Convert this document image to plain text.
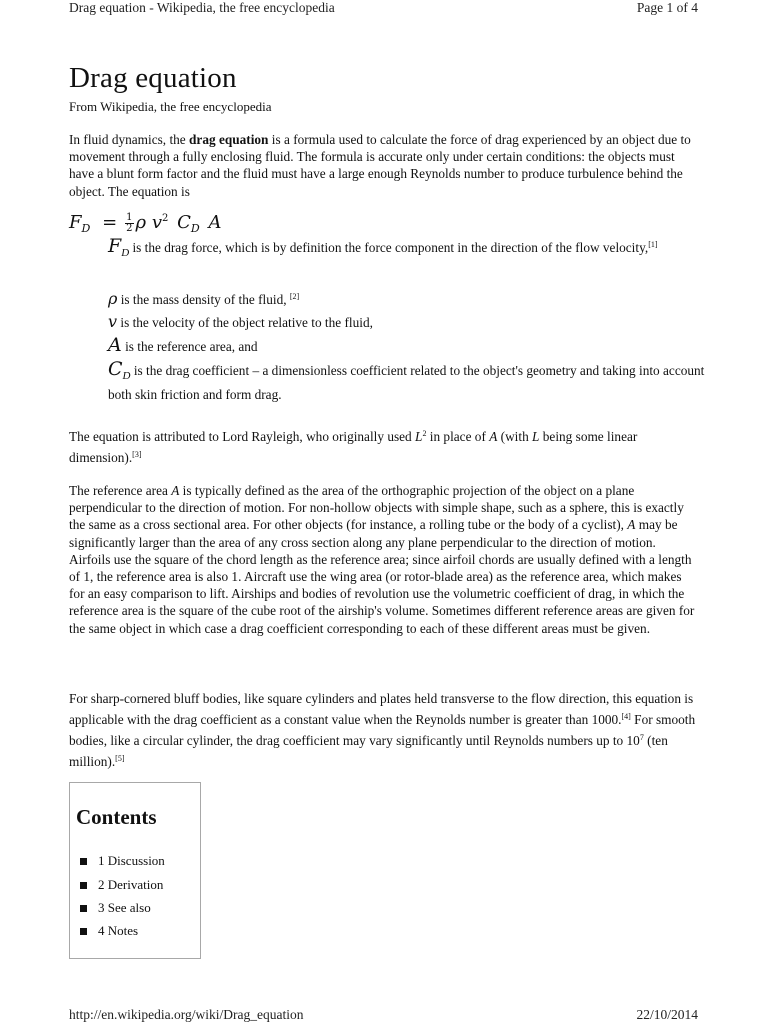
Drag equation - Wikipedia, the free encyclopedia	Page 1 of 4
Drag equation
From Wikipedia, the free encyclopedia

In fluid dynamics, the drag equation is a formula used to calculate the force of drag experienced by an object due to movement through a fully enclosing fluid. The formula is accurate only under certain conditions: the objects must have a blunt form factor and the fluid must have a large enough Reynolds number to produce turbulence behind the object. The equation is

$F_D = \frac{1}{2}$ ρ $v^2$ $C_D$ A
$F_D$ is the drag force, which is by definition the force component in the direction of the flow velocity,[1]
ρ is the mass density of the fluid, [2]
v is the velocity of the object relative to the fluid,
A is the reference area, and
$C_D$ is the drag coefficient – a dimensionless coefficient related to the object's geometry and taking into account both skin friction and form drag.

The equation is attributed to Lord Rayleigh, who originally used $L^2$ in place of A (with L being some linear dimension).[3]

The reference area A is typically defined as the area of the orthographic projection of the object on a plane perpendicular to the direction of motion. For non-hollow objects with simple shape, such as a sphere, this is exactly the same as a cross sectional area. For other objects (for instance, a rolling tube or the body of a cyclist), A may be significantly larger than the area of any cross section along any plane perpendicular to the direction of motion. Airfoils use the square of the chord length as the reference area; since airfoil chords are usually defined with a length of 1, the reference area is also 1. Aircraft use the wing area (or rotor-blade area) as the reference area, which makes for an easy comparison to lift. Airships and bodies of revolution use the volumetric coefficient of drag, in which the reference area is the square of the cube root of the airship's volume. Sometimes different reference areas are given for the same object in which case a drag coefficient corresponding to each of these different areas must be given.

For sharp-cornered bluff bodies, like square cylinders and plates held transverse to the flow direction, this equation is applicable with the drag coefficient as a constant value when the Reynolds number is greater than 1000.[4] For smooth bodies, like a circular cylinder, the drag coefficient may vary significantly until Reynolds numbers up to $10^7$ (ten million).[5]

Contents
1 Discussion
2 Derivation
3 See also
4 Notes
http://en.wikipedia.org/wiki/Drag_equation	22/10/2014
